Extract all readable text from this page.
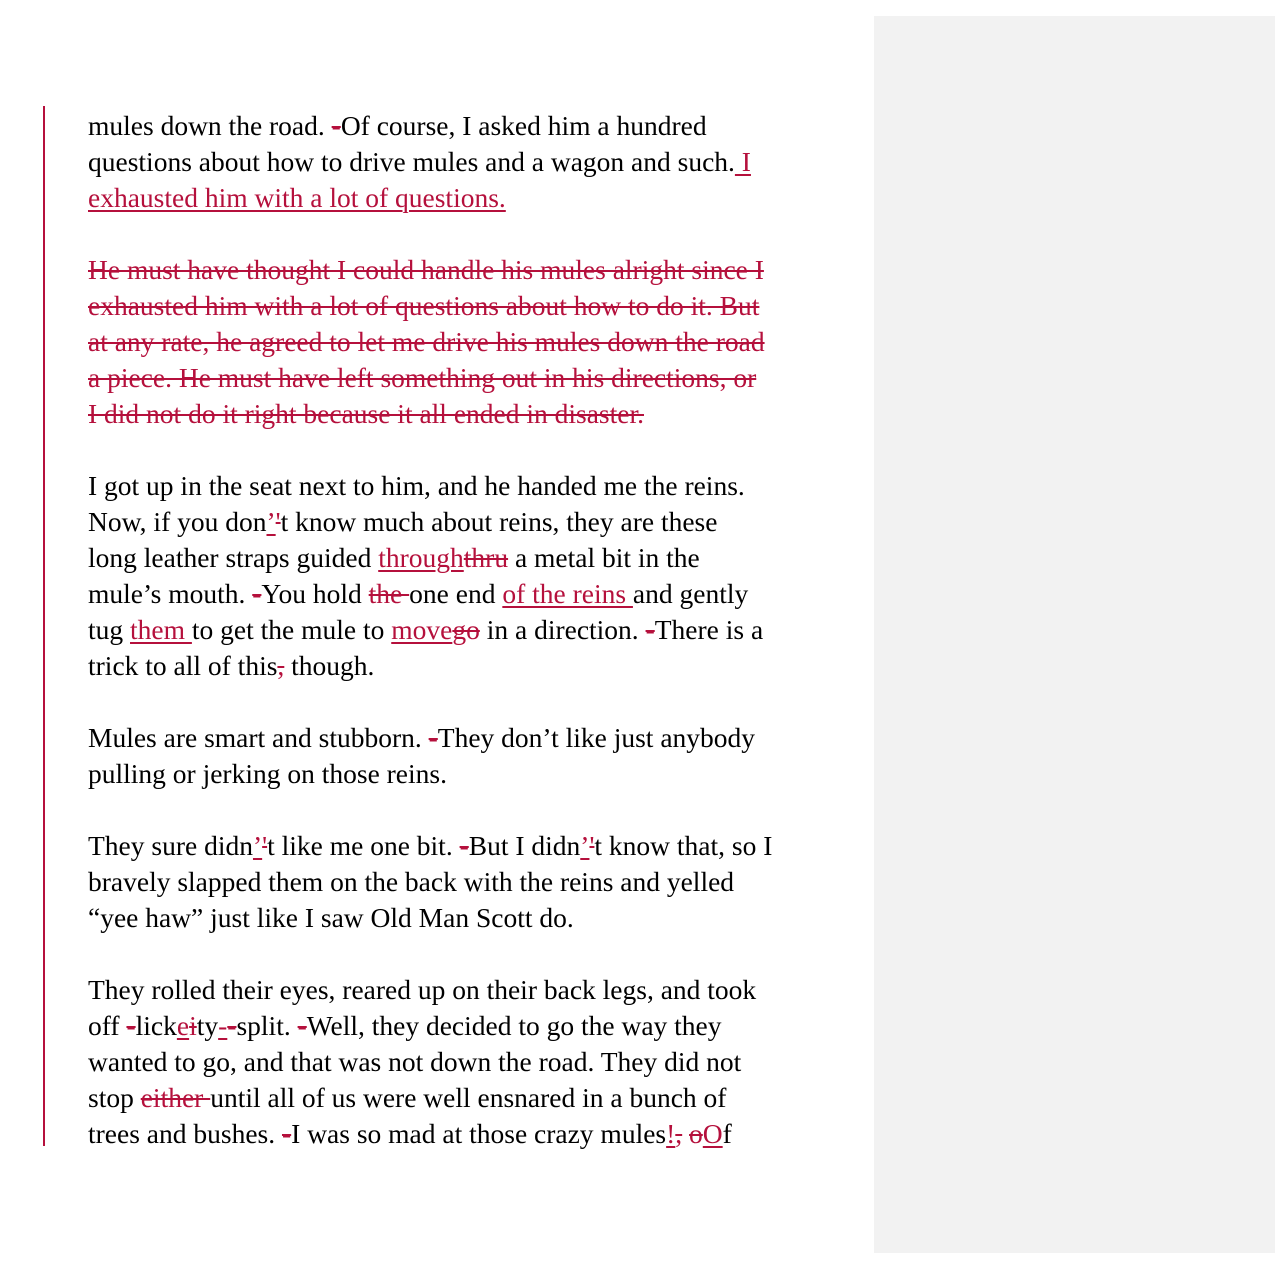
mules down the road. -Of course, I asked him a hundred
questions about how to drive mules and a wagon and such. I
exhausted him with a lot of questions.
He must have thought I could handle his mules alright since I
exhausted him with a lot of questions about how to do it. But
at any rate, he agreed to let me drive his mules down the road
a piece. He must have left something out in his directions, or
I did not do it right because it all ended in disaster.
I got up in the seat next to him, and he handed me the reins.
Now, if you don’'t know much about reins, they are these
long leather straps guided throughthru a metal bit in the
mule’s mouth. -You hold the one end of the reins and gently
tug them to get the mule to movego in a direction. -There is a
trick to all of this, though.
Mules are smart and stubborn. -They don’t like just anybody
pulling or jerking on those reins.
They sure didn’'t like me one bit. -But I didn’'t know that, so I
bravely slapped them on the back with the reins and yelled
“yee haw” just like I saw Old Man Scott do.
They rolled their eyes, reared up on their back legs, and took
off -lickeity--split. -Well, they decided to go the way they
wanted to go, and that was not down the road. They did not
stop either until all of us were well ensnared in a bunch of
trees and bushes. -I was so mad at those crazy mules!, oOf
